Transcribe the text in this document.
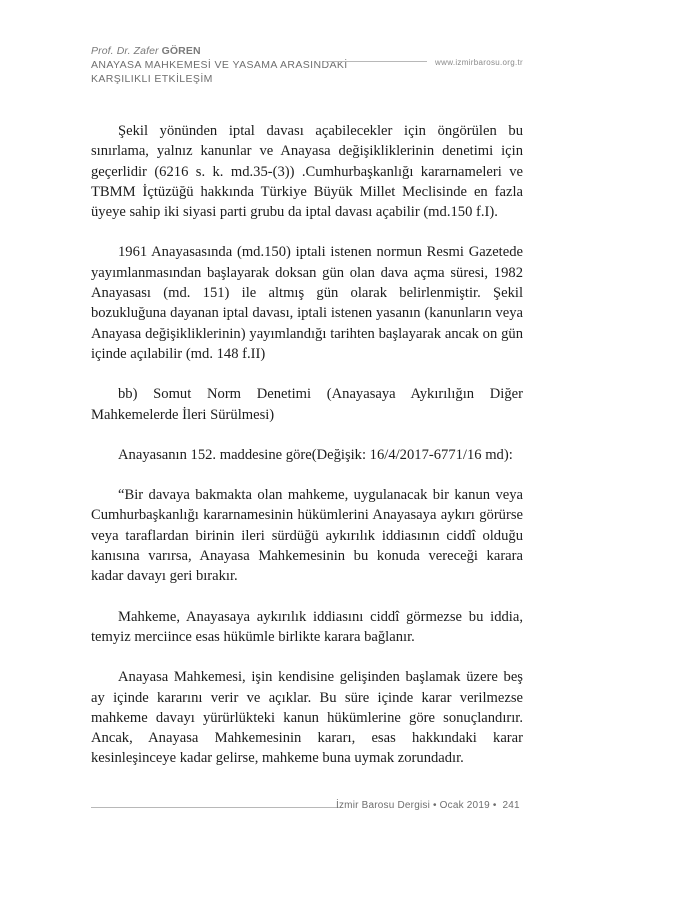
Prof. Dr. Zafer GÖREN
ANAYASA MAHKEMESİ VE YASAMA ARASINDAKİ
KARŞILIKLI ETKİLEŞİM
www.izmirbarosu.org.tr

Şekil yönünden iptal davası açabilecekler için öngörülen bu sınırlama, yalnız kanunlar ve Anayasa değişikliklerinin denetimi için geçerlidir (6216 s. k. md.35-(3)) .Cumhurbaşkanlığı kararnameleri ve TBMM İçtüzüğü hakkında Türkiye Büyük Millet Meclisinde en fazla üyeye sahip iki siyasi parti grubu da iptal davası açabilir (md.150 f.I).

1961 Anayasasında (md.150) iptali istenen normun Resmi Gazetede yayımlanmasından başlayarak doksan gün olan dava açma süresi, 1982 Anayasası (md. 151) ile altmış gün olarak belirlenmiştir. Şekil bozukluğuna dayanan iptal davası, iptali istenen yasanın (kanunların veya Anayasa değişikliklerinin) yayımlandığı tarihten başlayarak ancak on gün içinde açılabilir (md. 148 f.II)

bb) Somut Norm Denetimi (Anayasaya Aykırılığın Diğer Mahkemelerde İleri Sürülmesi)

Anayasanın 152. maddesine göre(Değişik: 16/4/2017-6771/16 md):

“Bir davaya bakmakta olan mahkeme, uygulanacak bir kanun veya Cumhurbaşkanlığı kararnamesinin hükümlerini Anayasaya aykırı görürse veya taraflardan birinin ileri sürdüğü aykırılık iddiasının ciddî olduğu kanısına varırsa, Anayasa Mahkemesinin bu konuda vereceği karara kadar davayı geri bırakır.

Mahkeme, Anayasaya aykırılık iddiasını ciddî görmezse bu iddia, temyiz merciince esas hükümle birlikte karara bağlanır.

Anayasa Mahkemesi, işin kendisine gelişinden başlamak üzere beş ay içinde kararını verir ve açıklar. Bu süre içinde karar verilmezse mahkeme davayı yürürlükteki kanun hükümlerine göre sonuçlandırır. Ancak, Anayasa Mahkemesinin kararı, esas hakkındaki karar kesinleşinceye kadar gelirse, mahkeme buna uymak zorundadır.

İzmir Barosu Dergisi • Ocak 2019 • 241
